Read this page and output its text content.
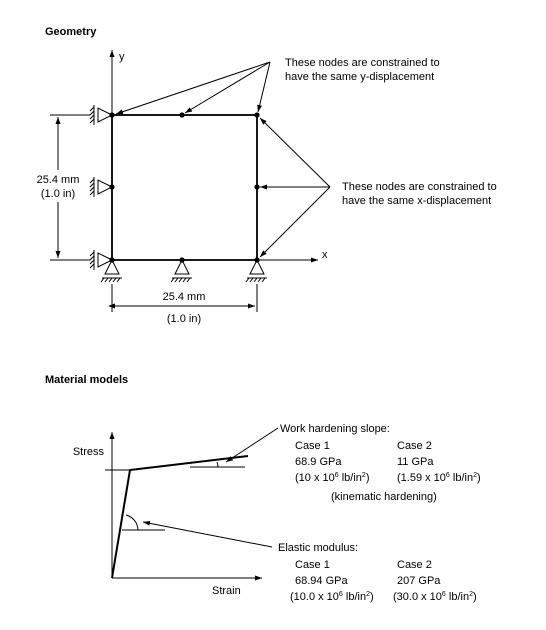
Geometry
y
x
25.4 mm
(1.0 in)
25.4 mm
(1.0 in)
These nodes are constrained to
have the same y-displacement
These nodes are constrained to
have the same x-displacement
Material models
Stress
Strain
Work hardening slope:
Case 1	Case 2
68.9 GPa	11 GPa
(10 x $10^6$ $lb/in^2$)	(1.59 x $10^6$ $lb/in^2$)
(kinematic hardening)
Elastic modulus:
Case 1	Case 2
68.94 GPa	207 GPa
(10.0 x $10^6$ $lb/in^2$) (30.0 x $10^6$ $lb/in^2$)
